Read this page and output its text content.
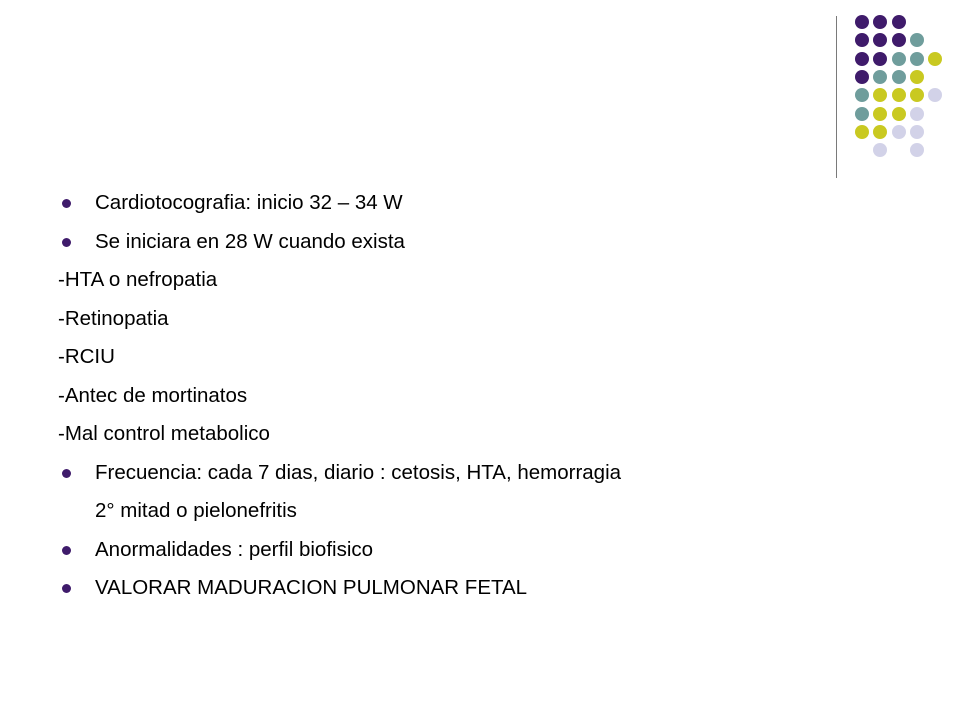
Cardiotocografia: inicio 32 – 34 W
Se iniciara en 28 W cuando exista
-HTA o nefropatia
-Retinopatia
-RCIU
-Antec de mortinatos
-Mal control metabolico
Frecuencia: cada 7 dias, diario : cetosis, HTA, hemorragia
2° mitad o pielonefritis
Anormalidades : perfil biofisico
VALORAR MADURACION PULMONAR FETAL
